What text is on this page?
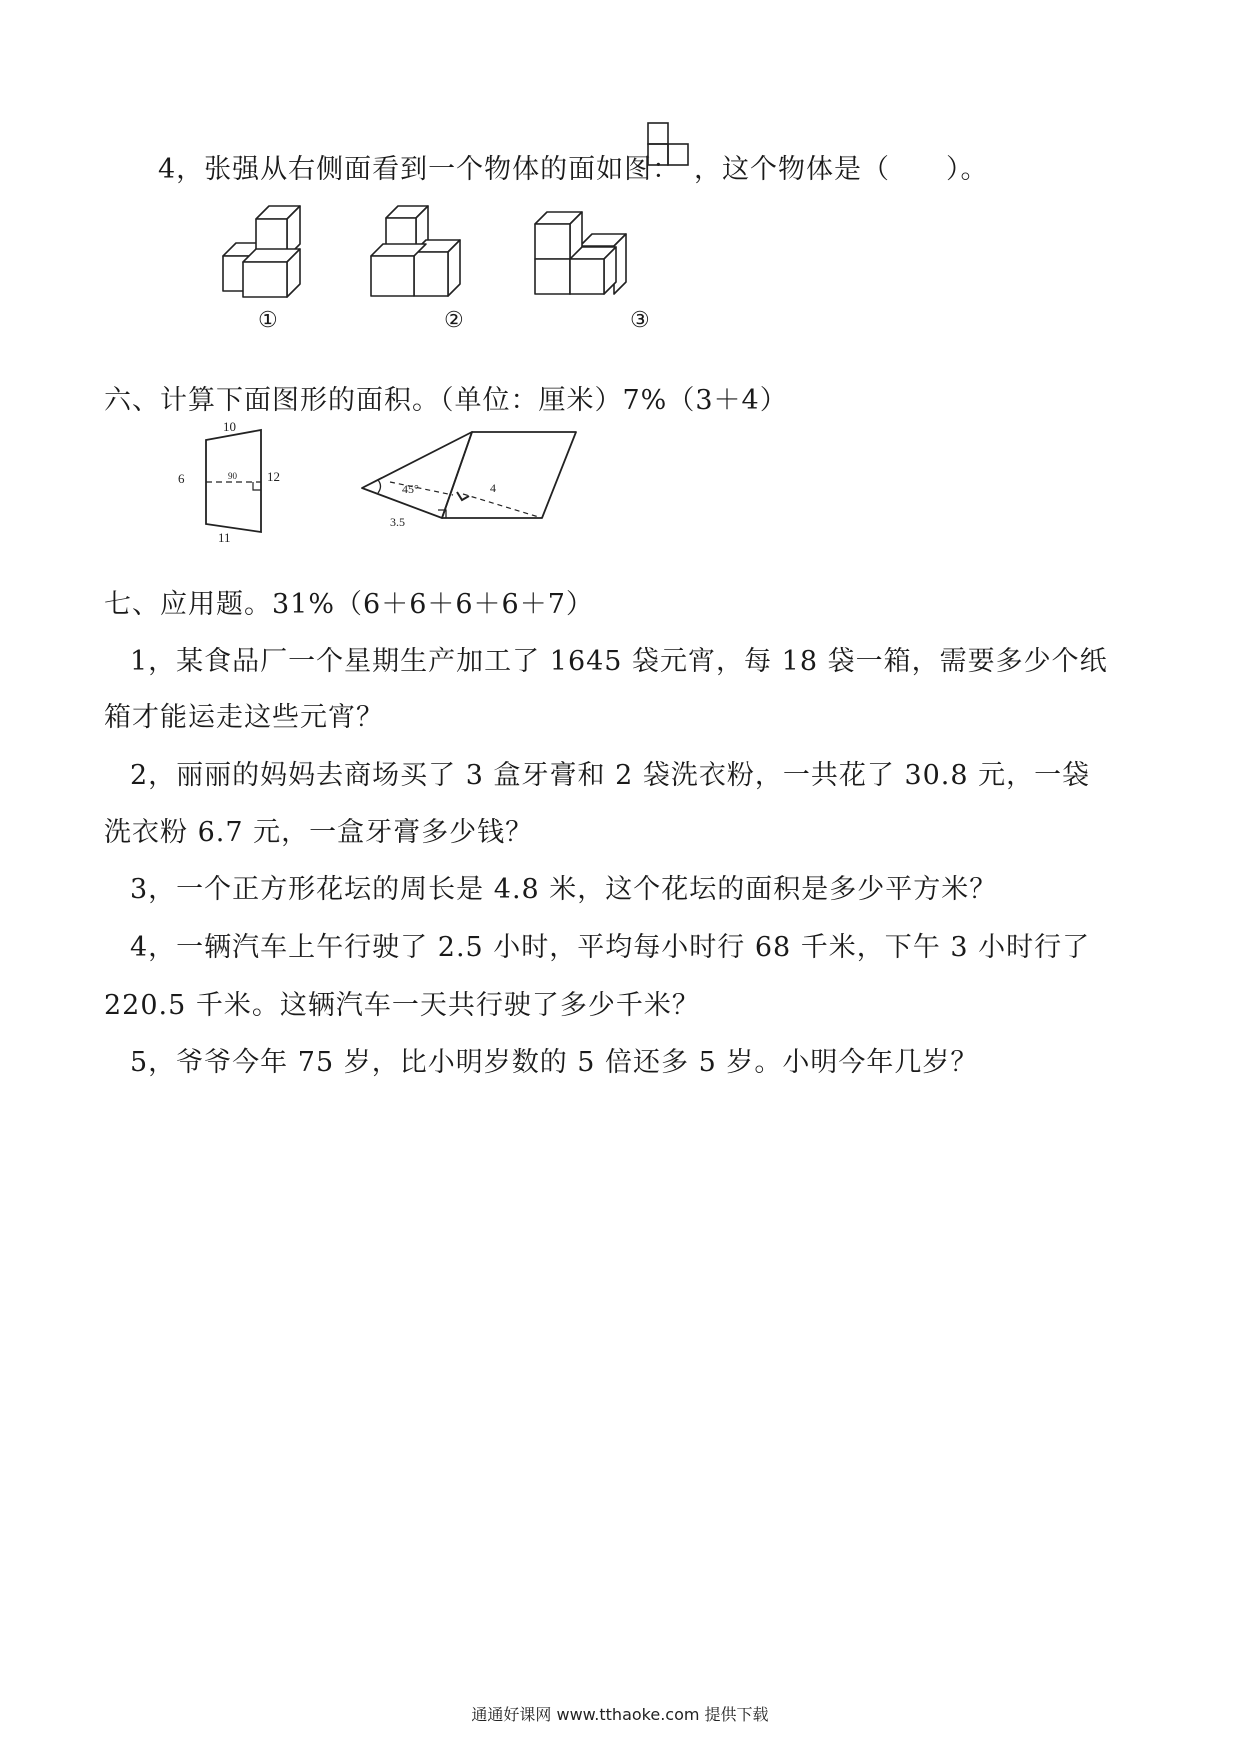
4，张强从右侧面看到一个物体的面如图： ，这个物体是（　　）。
①	②	③
六、计算下面图形的面积。（单位：厘米）7%（3＋4）
10
6	12
11
90
45°
3.5
4
七、应用题。31%（6＋6＋6＋6＋7）
1，某食品厂一个星期生产加工了 1645 袋元宵，每 18 袋一箱，需要多少个纸
箱才能运走这些元宵？
2，丽丽的妈妈去商场买了 3 盒牙膏和 2 袋洗衣粉，一共花了 30.8 元，一袋
洗衣粉 6.7 元，一盒牙膏多少钱？
3，一个正方形花坛的周长是 4.8 米，这个花坛的面积是多少平方米？
4，一辆汽车上午行驶了 2.5 小时，平均每小时行 68 千米，下午 3 小时行了
220.5 千米。这辆汽车一天共行驶了多少千米？
5，爷爷今年 75 岁，比小明岁数的 5 倍还多 5 岁。小明今年几岁？
通通好课网 www.tthaoke.com 提供下载
